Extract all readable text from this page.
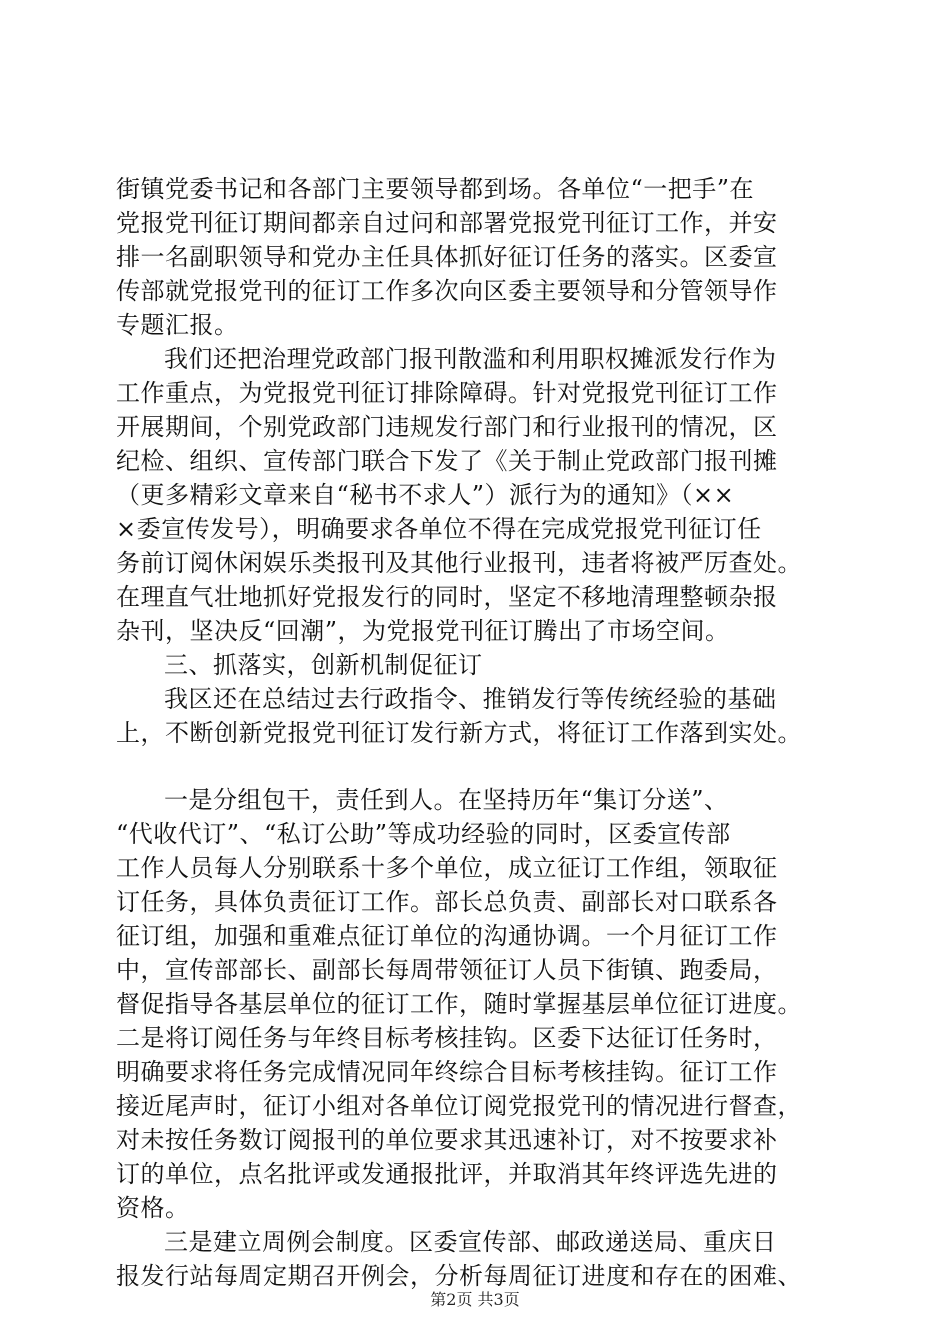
街镇党委书记和各部门主要领导都到场。各单位“一把手”在
党报党刊征订期间都亲自过问和部署党报党刊征订工作，并安
排一名副职领导和党办主任具体抓好征订任务的落实。区委宣
传部就党报党刊的征订工作多次向区委主要领导和分管领导作
专题汇报。
我们还把治理党政部门报刊散滥和利用职权摊派发行作为
工作重点，为党报党刊征订排除障碍。针对党报党刊征订工作
开展期间，个别党政部门违规发行部门和行业报刊的情况，区
纪检、组织、宣传部门联合下发了《关于制止党政部门报刊摊
（更多精彩文章来自“秘书不求人”）派行为的通知》（××
×委宣传发号），明确要求各单位不得在完成党报党刊征订任
务前订阅休闲娱乐类报刊及其他行业报刊，违者将被严厉查处。
在理直气壮地抓好党报发行的同时，坚定不移地清理整顿杂报
杂刊，坚决反“回潮”，为党报党刊征订腾出了市场空间。
三、抓落实，创新机制促征订
我区还在总结过去行政指令、推销发行等传统经验的基础
上，不断创新党报党刊征订发行新方式，将征订工作落到实处。
一是分组包干，责任到人。在坚持历年“集订分送”、
“代收代订”、“私订公助”等成功经验的同时，区委宣传部
工作人员每人分别联系十多个单位，成立征订工作组，领取征
订任务，具体负责征订工作。部长总负责、副部长对口联系各
征订组，加强和重难点征订单位的沟通协调。一个月征订工作
中，宣传部部长、副部长每周带领征订人员下街镇、跑委局，
督促指导各基层单位的征订工作，随时掌握基层单位征订进度。
二是将订阅任务与年终目标考核挂钩。区委下达征订任务时，
明确要求将任务完成情况同年终综合目标考核挂钩。征订工作
接近尾声时，征订小组对各单位订阅党报党刊的情况进行督查，
对未按任务数订阅报刊的单位要求其迅速补订，对不按要求补
订的单位，点名批评或发通报批评，并取消其年终评选先进的
资格。
三是建立周例会制度。区委宣传部、邮政递送局、重庆日
报发行站每周定期召开例会，分析每周征订进度和存在的困难、
第2页 共3页
